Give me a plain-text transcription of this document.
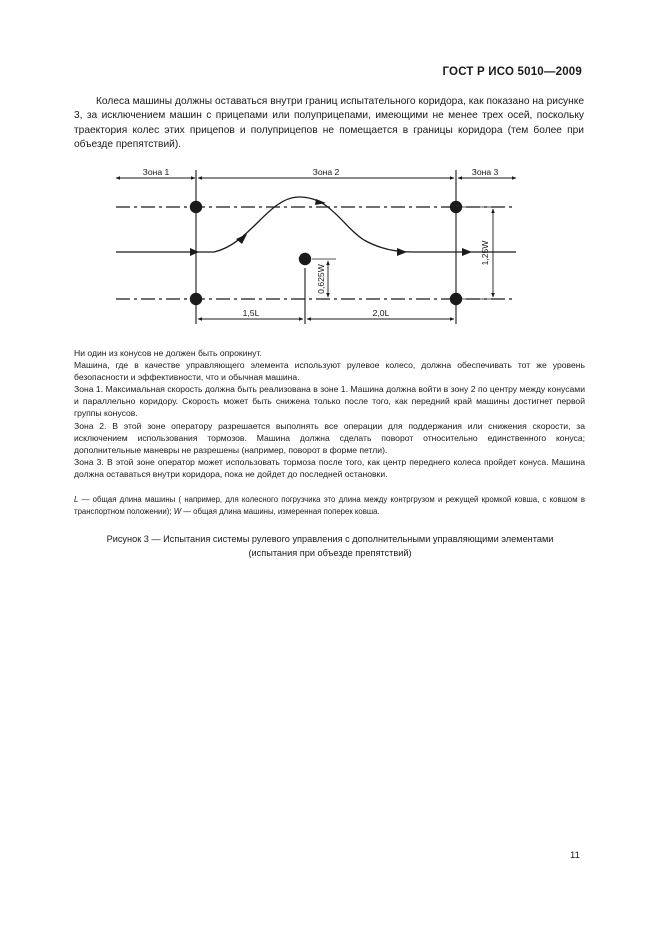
ГОСТ Р ИСО 5010—2009
Колеса машины должны оставаться внутри границ испытательного коридора, как показано на рисунке 3, за исключением машин с прицепами или полуприцепами, имеющими не менее трех осей, поскольку траектория колес этих прицепов и полуприцепов не помещается в границы коридора (тем более при объезде препятствий).
Зона 1	Зона 2	Зона 3
1,5L	2,0L
0,625W
1,25W

Ни один из конусов не должен быть опрокинут.

Машина, где в качестве управляющего элемента используют рулевое колесо, должна обеспечивать тот же уровень безопасности и эффективности, что и обычная машина.

Зона 1. Максимальная скорость должна быть реализована в зоне 1. Машина должна войти в зону 2 по центру между конусами и параллельно коридору. Скорость может быть снижена только после того, как передний край машины достигнет первой группы конусов.

Зона 2. В этой зоне оператору разрешается выполнять все операции для поддержания или снижения скорости, за исключением использования тормозов. Машина должна сделать поворот относительно единственного конуса; дополнительные маневры не разрешены (например, поворот в форме петли).

Зона 3. В этой зоне оператор может использовать тормоза после того, как центр переднего колеса пройдет конуса. Машина должна оставаться внутри коридора, пока не дойдет до последней остановки.

L — общая длина машины ( например, для колесного погрузчика это длина между контргрузом и режущей кромкой ковша, с ковшом в транспортном положении); W — общая длина машины, измеренная поперек ковша.
Рисунок 3 — Испытания системы рулевого управления с дополнительными управляющими элементами
(испытания при объезде препятствий)
11
